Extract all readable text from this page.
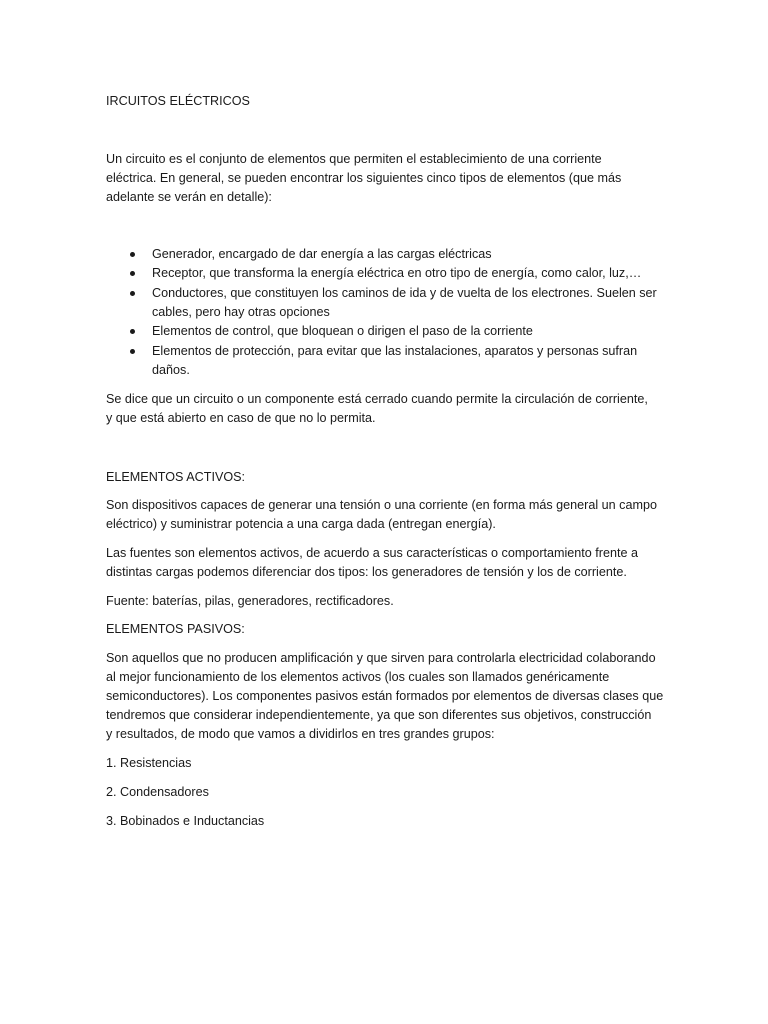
IRCUITOS ELÉCTRICOS
Un circuito es el conjunto de elementos que permiten el establecimiento de una corriente
eléctrica. En general, se pueden encontrar los siguientes cinco tipos de elementos (que más
adelante se verán en detalle):
Generador, encargado de dar energía a las cargas eléctricas
Receptor, que transforma la energía eléctrica en otro tipo de energía, como calor, luz,…
Conductores, que constituyen los caminos de ida y de vuelta de los electrones. Suelen ser
cables, pero hay otras opciones
Elementos de control, que bloquean o dirigen el paso de la corriente
Elementos de protección, para evitar que las instalaciones, aparatos y personas sufran
daños.
Se dice que un circuito o un componente está cerrado cuando permite la circulación de corriente,
y que está abierto en caso de que no lo permita.
ELEMENTOS ACTIVOS:
Son dispositivos capaces de generar una tensión o una corriente (en forma más general un campo
eléctrico) y suministrar potencia a una carga dada (entregan energía).
Las fuentes son elementos activos, de acuerdo a sus características o comportamiento frente a
distintas cargas podemos diferenciar dos tipos: los generadores de tensión y los de corriente.
Fuente: baterías, pilas, generadores, rectificadores.
ELEMENTOS PASIVOS:
Son aquellos que no producen amplificación y que sirven para controlarla electricidad colaborando
al mejor funcionamiento de los elementos activos (los cuales son llamados genéricamente
semiconductores). Los componentes pasivos están formados por elementos de diversas clases que
tendremos que considerar independientemente, ya que son diferentes sus objetivos, construcción
y resultados, de modo que vamos a dividirlos en tres grandes grupos:
1. Resistencias
2. Condensadores
3. Bobinados e Inductancias
